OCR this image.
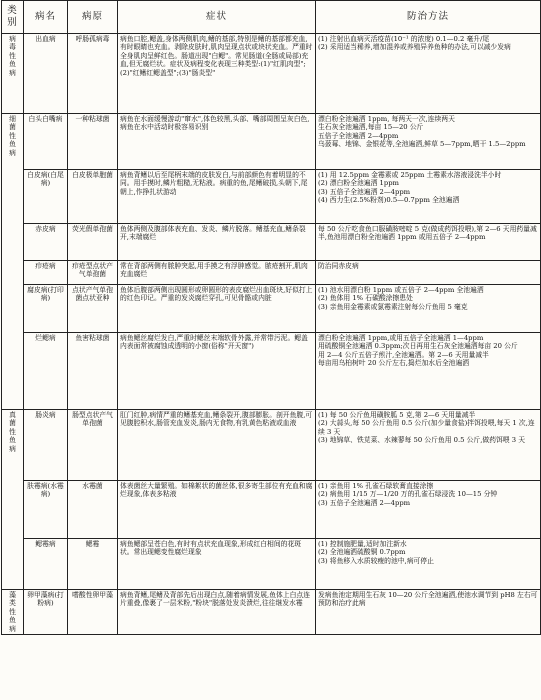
类别	病名	病原	症状	防治方法
病毒性鱼病	出血病	呼肠孤病毒	病鱼口腔,鳃盖,身体两侧肌肉,鳍的基部,特别是鳍的基部都充血,有时眼睛也充血。剥除皮肤时,肌肉呈现点状或块状充血。严重时全身肌肉呈鲜红色。肠道出现"白鳃"。常见肠道(全肠或局部)充血,但无腐烂状。症状及病程变化表现三种类型:(1)"红肌肉型";(2)"红鳍红鳃盖型";(3)"肠炎型"	(1) 注射出血病灭活疫苗(10⁻¹ 的浓度) 0.1—0.2 毫升/尾
(2) 采用适当稀养,增加混养或养殖异养鱼种的办法,可以减少发病

细菌性鱼病	白头白嘴病	一种粘球菌	病鱼在水面缓慢游动"窜水",体色较黑,头部、嘴部周围呈灰白色,病鱼在水中活动时极容易识别	漂白粉全池遍洒 1ppm, 每两天一次,连续两天
生石灰全池遍洒,每亩 15—20 公斤
五倍子全池遍洒 2—4ppm
乌蔹莓、地锦、金银花等,全池遍洒,鲜草 5—7ppm,晒干 1.5—2ppm

	白皮病(白尾病)	白皮极单胞菌	病鱼背鳍以后至尾柄末端的皮肤发白,与前部颜色有着明显的不同。用手摸时,鳞片粗糙,无粘液。病重的鱼,尾鳍破损,头朝下,尾朝上,作挣扎状游动	(1) 用 12.5ppm 金霉素或 25ppm 土霉素水溶液浸洗半小时
(2) 漂白粉全池遍洒 1ppm
(3) 五倍子全池遍洒 2—4ppm
(4) 西力生(2.5%粉剂)0.5—0.7ppm 全池遍洒

	赤皮病	荧光假单孢菌	鱼体两侧及腹部体表充血、发炎、鳞片脱落。鳍基充血,鳍条裂开,末端腐烂	每 50 公斤吃食鱼口服磺胺嘧啶 5 克(做成药饵投喂),第 2—6 天用药量减半,鱼池用漂白粉全池遍洒 1ppm 或用五倍子 2—4ppm

	疖疮病	疖疮型点状产气单孢菌	常在背部两侧有脓肿突起,用手摸之有浮肿感觉。脓疮割开,肌肉充血腐烂	防治同赤皮病

	腐皮病(打印病)	点状产气单孢菌点状亚种	鱼体后腹部两侧出现圆形或卵圆形的表皮腐烂出血斑块,好似打上的红色印记。严重的发炎腐烂穿孔,可见骨骼或内脏	(1) 池水用漂白粉 1ppm 或五倍子 2—4ppm 全池遍洒
(2) 鱼体用 1% 石碳酸涂擦患处
(3) 亲鱼用金霉素或氯霉素注射每公斤鱼用 5 毫克

	烂鳃病	鱼害粘球菌	病鱼鳃丝腐烂发白,严重时鳃丝末端软骨外露,并常带污泥。鳃盖内表面常被腐蚀成透明的小窗(俗称"开天窗")	漂白粉全池遍洒 1ppm,或用五倍子全池遍洒 1—4ppm
用硫酸铜全池遍洒 0.3ppm;次日再用生石灰全池遍洒每亩 20 公斤
用 2—4 公斤五倍子煎汁,全池遍洒。第 2—6 天用量减半
每亩用乌桕树叶 20 公斤左右,捣烂加水后全池遍洒

真菌性鱼病	肠炎病	肠型点状产气单孢菌	肛门红肿,病情严重的鳍基充血,鳍条裂开,腹部膨胀。剖开鱼腹,可见腹腔积水,肠管充血发炎,肠内无食物,有乳黄色粘液或血液	(1) 每 50 公斤鱼用磺胺胍 5 克,第 2—6 天用量减半
(2) 大蒜头,每 50 公斤鱼用 0.5 公斤(加少量食盐)拌饵投喂,每天 1 次,连续 3 天
(3) 地锦草、铁苋菜、水辣蓼每 50 公斤鱼用 0.5 公斤,做药饵喂 3 天

	肤霉病(水霉病)	水霉菌	体表菌丝大量繁殖。如棉絮状的菌丝体,很多寄生部位有充血和腐烂现象,体表多粘液	(1) 亲鱼用 1% 孔雀石绿软膏直接涂擦
(2) 病鱼用 1/15 万—1/20 万的孔雀石绿浸洗 10—15 分钟
(3) 五倍子全池遍洒 2—4ppm

	鳃霉病	鳃霉	病鱼鳃部呈苍白色,有时有点状充血现象,形成红白相间的花斑状。常出现鳃变性腐烂现象	(1) 控制施肥量,适时加注新水
(2) 全池遍洒硫酸铜 0.7ppm
(3) 将鱼移入水质较瘦的池中,病可停止

藻类性鱼病	卵甲藻病(打粉病)	嗜酸性卵甲藻	病鱼背鳍,尾鳍及背部先后出现白点,随着病情发展,鱼体上白点连片重叠,像裹了一层米粉,"粉块"脱落处发炎溃烂,往往继发水霉	发病鱼池定期用生石灰 10—20 公斤全池遍洒,使池水调节到 pH8 左右可预防和治疗此病
